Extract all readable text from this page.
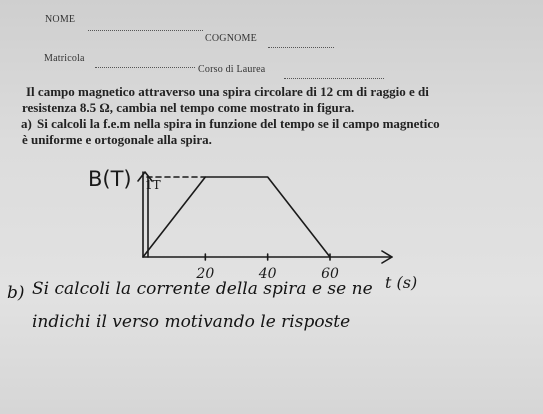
NOME
COGNOME
Matricola
Corso di Laurea
Il campo magnetico attraverso una spira circolare di 12 cm di raggio e di
resistenza 8.5 Ω, cambia nel tempo come mostrato in figura.
a) Si calcoli la f.e.m nella spira in funzione del tempo se il campo magnetico
è uniforme e ortogonale alla spira.
20	40	60
B(T) 1T
t (s)
b) Si calcoli la corrente della spira e se ne
indichi il verso motivando le risposte
